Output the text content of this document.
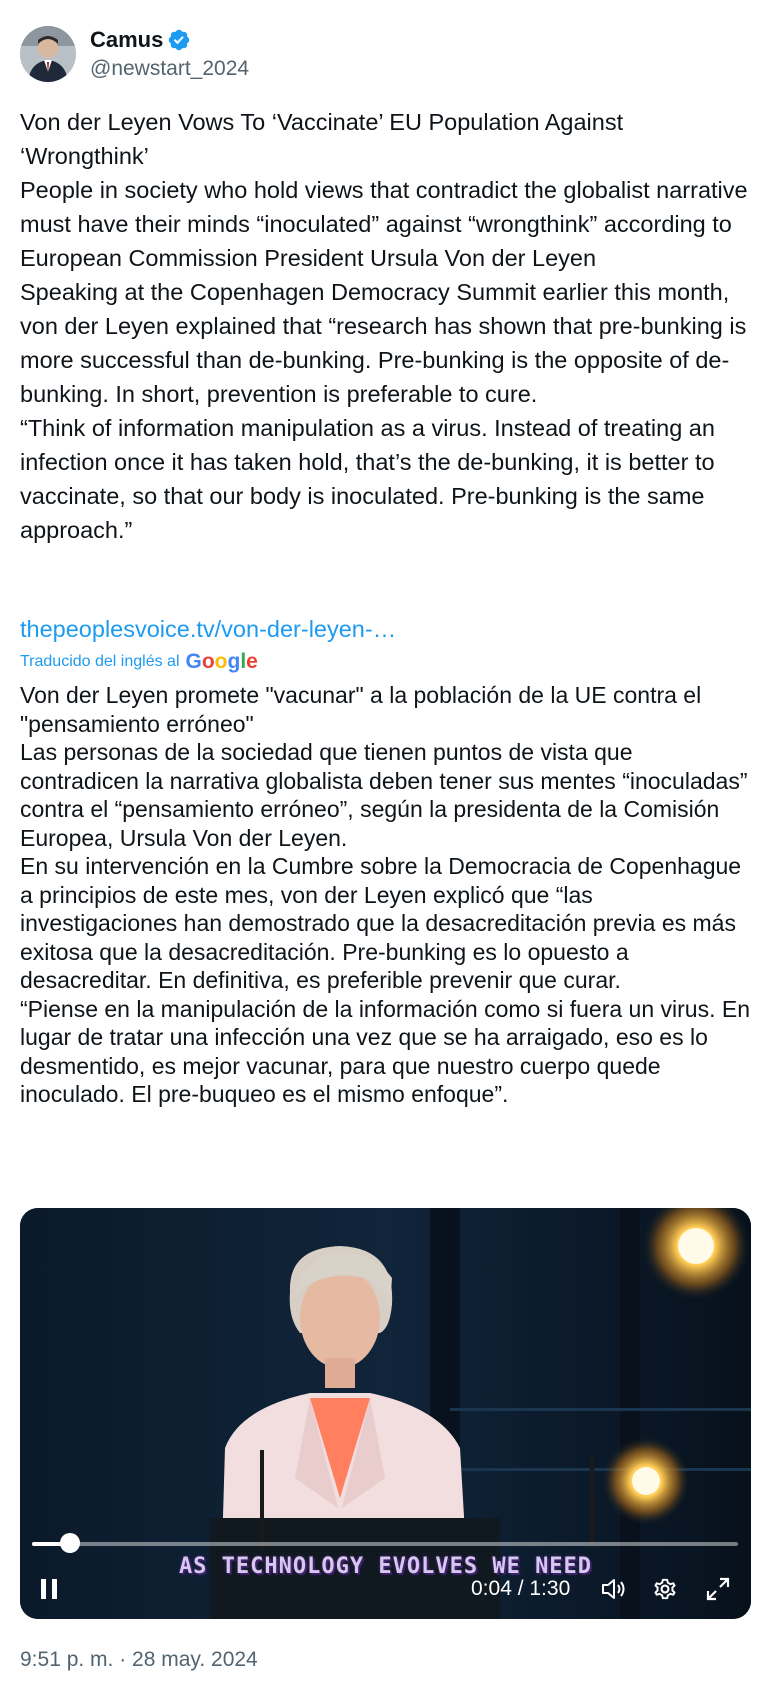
Camus
@newstart_2024

Von der Leyen Vows To ‘Vaccinate’ EU Population Against ‘Wrongthink’

People in society who hold views that contradict the globalist narrative must have their minds “inoculated” against “wrongthink” according to European Commission President Ursula Von der Leyen

Speaking at the Copenhagen Democracy Summit earlier this month, von der Leyen explained that “research has shown that pre-bunking is more successful than de-bunking. Pre-bunking is the opposite of de-bunking. In short, prevention is preferable to cure.

“Think of information manipulation as a virus. Instead of treating an infection once it has taken hold, that’s the de-bunking, it is better to vaccinate, so that our body is inoculated. Pre-bunking is the same approach.”

thepeoplesvoice.tv/von-der-leyen-…
Traducido del inglés al Google

Von der Leyen promete "vacunar" a la población de la UE contra el "pensamiento erróneo"

Las personas de la sociedad que tienen puntos de vista que contradicen la narrativa globalista deben tener sus mentes “inoculadas” contra el “pensamiento erróneo”, según la presidenta de la Comisión Europea, Ursula Von der Leyen.

En su intervención en la Cumbre sobre la Democracia de Copenhague a principios de este mes, von der Leyen explicó que “las investigaciones han demostrado que la desacreditación previa es más exitosa que la desacreditación. Pre-bunking es lo opuesto a desacreditar. En definitiva, es preferible prevenir que curar.

“Piense en la manipulación de la información como si fuera un virus. En lugar de tratar una infección una vez que se ha arraigado, eso es lo desmentido, es mejor vacunar, para que nuestro cuerpo quede inoculado. El pre-buqueo es el mismo enfoque”.

AS TECHNOLOGY EVOLVES WE NEED
0:04 / 1:30
9:51 p. m. · 28 may. 2024
